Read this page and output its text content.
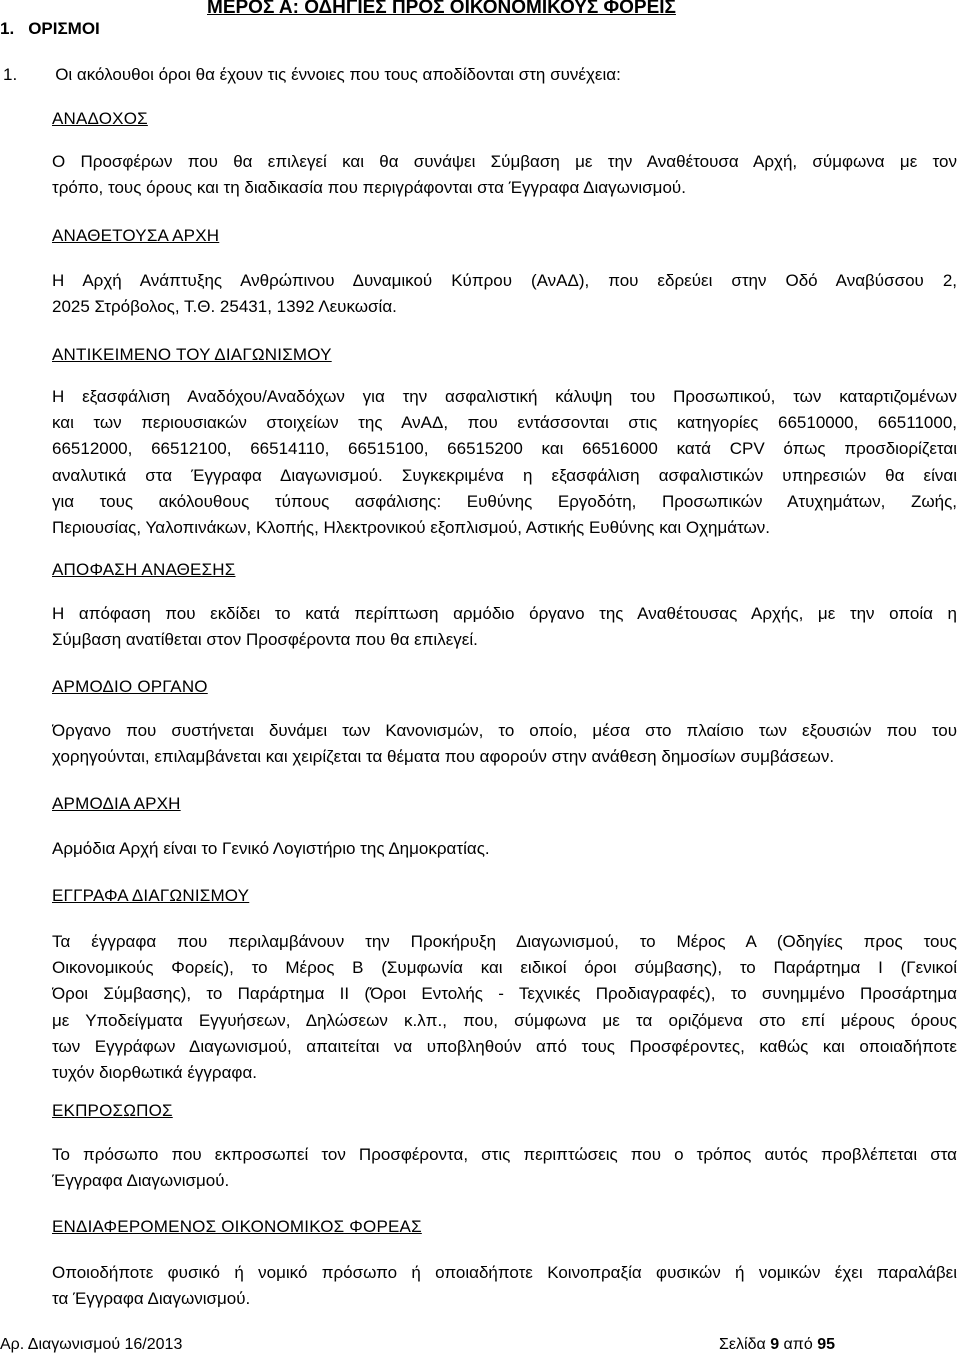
1. ΟΡΙΣΜΟΙ
ΜΕΡΟΣ Α: ΟΔΗΓΙΕΣ ΠΡΟΣ ΟΙΚΟΝΟΜΙΚΟΥΣ ΦΟΡΕΙΣ
1. Οι ακόλουθοι όροι θα έχουν τις έννοιες που τους αποδίδονται στη συνέχεια:
ΑΝΑΔΟΧΟΣ
Ο Προσφέρων που θα επιλεγεί και θα συνάψει Σύμβαση με την Αναθέτουσα Αρχή, σύμφωνα με τον
τρόπο, τους όρους και τη διαδικασία που περιγράφονται στα Έγγραφα Διαγωνισμού.
ΑΝΑΘΕΤΟΥΣΑ ΑΡΧΗ
Η Αρχή Ανάπτυξης Ανθρώπινου Δυναμικού Κύπρου (ΑνΑΔ), που εδρεύει στην Οδό Αναβύσσου 2,
2025 Στρόβολος, Τ.Θ. 25431, 1392 Λευκωσία.
ΑΝΤΙΚΕΙΜΕΝΟ ΤΟΥ ΔΙΑΓΩΝΙΣΜΟΥ
Η εξασφάλιση Αναδόχου/Αναδόχων για την ασφαλιστική κάλυψη του Προσωπικού, των καταρτιζομένων
και των περιουσιακών στοιχείων της ΑνΑΔ, που εντάσσονται στις κατηγορίες 66510000, 66511000,
66512000, 66512100, 66514110, 66515100, 66515200 και 66516000 κατά CPV όπως προσδιορίζεται
αναλυτικά στα Έγγραφα Διαγωνισμού. Συγκεκριμένα η εξασφάλιση ασφαλιστικών υπηρεσιών θα είναι
για τους ακόλουθους τύπους ασφάλισης: Ευθύνης Εργοδότη, Προσωπικών Ατυχημάτων, Ζωής,
Περιουσίας, Υαλοπινάκων, Κλοπής, Ηλεκτρονικού εξοπλισμού, Αστικής Ευθύνης και Οχημάτων.
ΑΠΟΦΑΣΗ ΑΝΑΘΕΣΗΣ
Η απόφαση που εκδίδει το κατά περίπτωση αρμόδιο όργανο της Αναθέτουσας Αρχής, με την οποία η
Σύμβαση ανατίθεται στον Προσφέροντα που θα επιλεγεί.
ΑΡΜΟΔΙΟ ΟΡΓΑΝΟ
Όργανο που συστήνεται δυνάμει των Κανονισμών, το οποίο, μέσα στο πλαίσιο των εξουσιών που του
χορηγούνται, επιλαμβάνεται και χειρίζεται τα θέματα που αφορούν στην ανάθεση δημοσίων συμβάσεων.
ΑΡΜΟΔΙΑ ΑΡΧΗ
Αρμόδια Αρχή είναι το Γενικό Λογιστήριο της Δημοκρατίας.
ΕΓΓΡΑΦΑ ΔΙΑΓΩΝΙΣΜΟΥ
Τα έγγραφα που περιλαμβάνουν την Προκήρυξη Διαγωνισμού, το Μέρος Α (Οδηγίες προς τους
Οικονομικούς Φορείς), το Μέρος Β (Συμφωνία και ειδικοί όροι σύμβασης), το Παράρτημα Ι (Γενικοί
Όροι Σύμβασης), το Παράρτημα ΙΙ (Όροι Εντολής - Τεχνικές Προδιαγραφές), το συνημμένο Προσάρτημα
με Υποδείγματα Εγγυήσεων, Δηλώσεων κ.λπ., που, σύμφωνα με τα οριζόμενα στο επί μέρους όρους
των Εγγράφων Διαγωνισμού, απαιτείται να υποβληθούν από τους Προσφέροντες, καθώς και οποιαδήποτε
τυχόν διορθωτικά έγγραφα.
ΕΚΠΡΟΣΩΠΟΣ
Το πρόσωπο που εκπροσωπεί τον Προσφέροντα, στις περιπτώσεις που ο τρόπος αυτός προβλέπεται στα
Έγγραφα Διαγωνισμού.
ΕΝΔΙΑΦΕΡΟΜΕΝΟΣ ΟΙΚΟΝΟΜΙΚΟΣ ΦΟΡΕΑΣ
Οποιοδήποτε φυσικό ή νομικό πρόσωπο ή οποιαδήποτε Κοινοπραξία φυσικών ή νομικών έχει παραλάβει
τα Έγγραφα Διαγωνισμού.
Αρ. Διαγωνισμού 16/2013	Σελίδα 9 από 95
